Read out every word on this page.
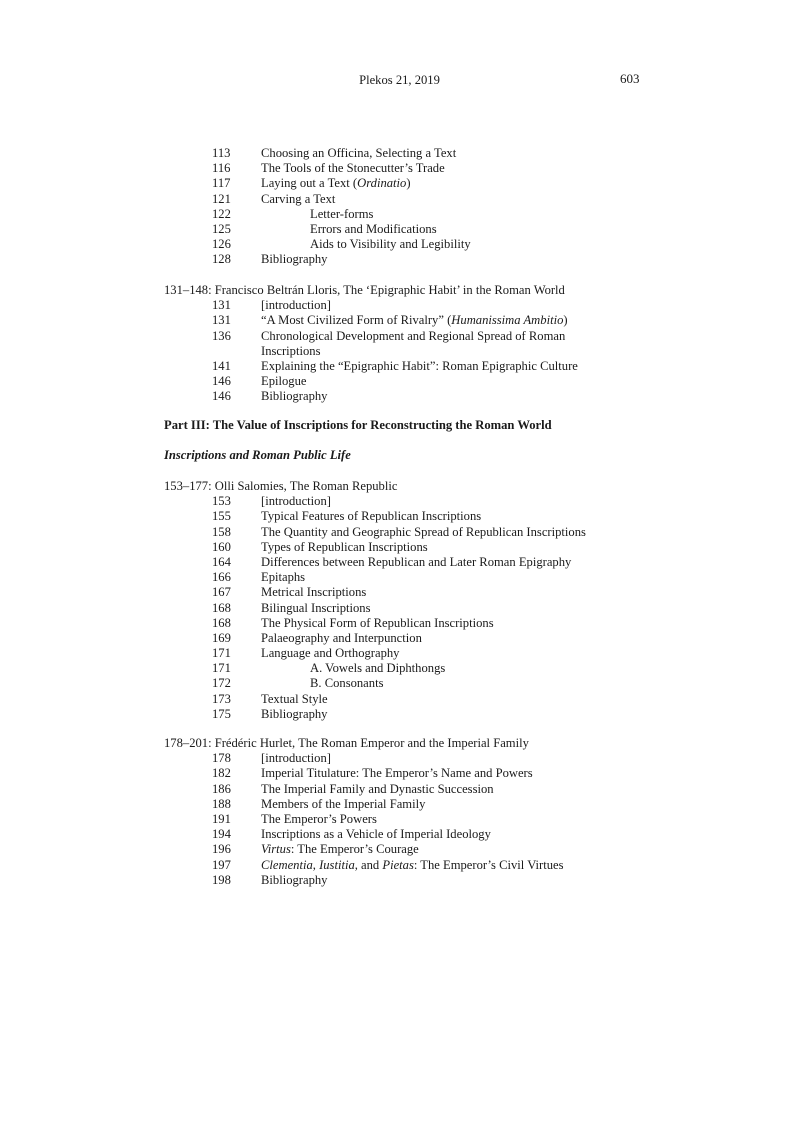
Plekos 21, 2019	603
113 Choosing an Officina, Selecting a Text
116 The Tools of the Stonecutter’s Trade
117 Laying out a Text (Ordinatio)
121 Carving a Text
122	Letter-forms
125	Errors and Modifications
126	Aids to Visibility and Legibility
128 Bibliography
131–148: Francisco Beltrán Lloris, The ‘Epigraphic Habit’ in the Roman World
131 [introduction]
131 “A Most Civilized Form of Rivalry” (Humanissima Ambitio)
136 Chronological Development and Regional Spread of Roman
Inscriptions
141 Explaining the “Epigraphic Habit”: Roman Epigraphic Culture
146 Epilogue
146 Bibliography
Part III: The Value of Inscriptions for Reconstructing the Roman World
Inscriptions and Roman Public Life
153–177: Olli Salomies, The Roman Republic
153 [introduction]
155 Typical Features of Republican Inscriptions
158 The Quantity and Geographic Spread of Republican Inscriptions
160 Types of Republican Inscriptions
164 Differences between Republican and Later Roman Epigraphy
166 Epitaphs
167 Metrical Inscriptions
168 Bilingual Inscriptions
168 The Physical Form of Republican Inscriptions
169 Palaeography and Interpunction
171 Language and Orthography
171	A. Vowels and Diphthongs
172	B. Consonants
173 Textual Style
175 Bibliography
178–201: Frédéric Hurlet, The Roman Emperor and the Imperial Family
178 [introduction]
182 Imperial Titulature: The Emperor’s Name and Powers
186 The Imperial Family and Dynastic Succession
188 Members of the Imperial Family
191 The Emperor’s Powers
194 Inscriptions as a Vehicle of Imperial Ideology
196 Virtus: The Emperor’s Courage
197 Clementia, Iustitia, and Pietas: The Emperor’s Civil Virtues
198 Bibliography
